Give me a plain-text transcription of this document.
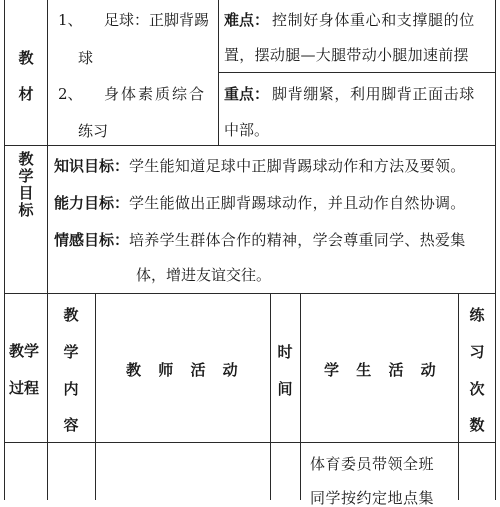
教
材
1、 足球：正脚背踢
球
2、 身体素质综合
练习
难点： 控制好身体重心和支撑腿的位
置，摆动腿—大腿带动小腿加速前摆
重点： 脚背绷紧，利用脚背正面击球
中部。
教
学
目
标
知识目标： 学生能知道足球中正脚背踢球动作和方法及要领。
能力目标： 学生能做出正脚背踢球动作，并且动作自然协调。
情感目标： 培养学生群体合作的精神，学会尊重同学、热爱集
体，增进友谊交往。
教学
过程
教
学
内
容
教 师 活 动
时
间
学 生 活 动
练
习
次
数
体育委员带领全班
同学按约定地点集
